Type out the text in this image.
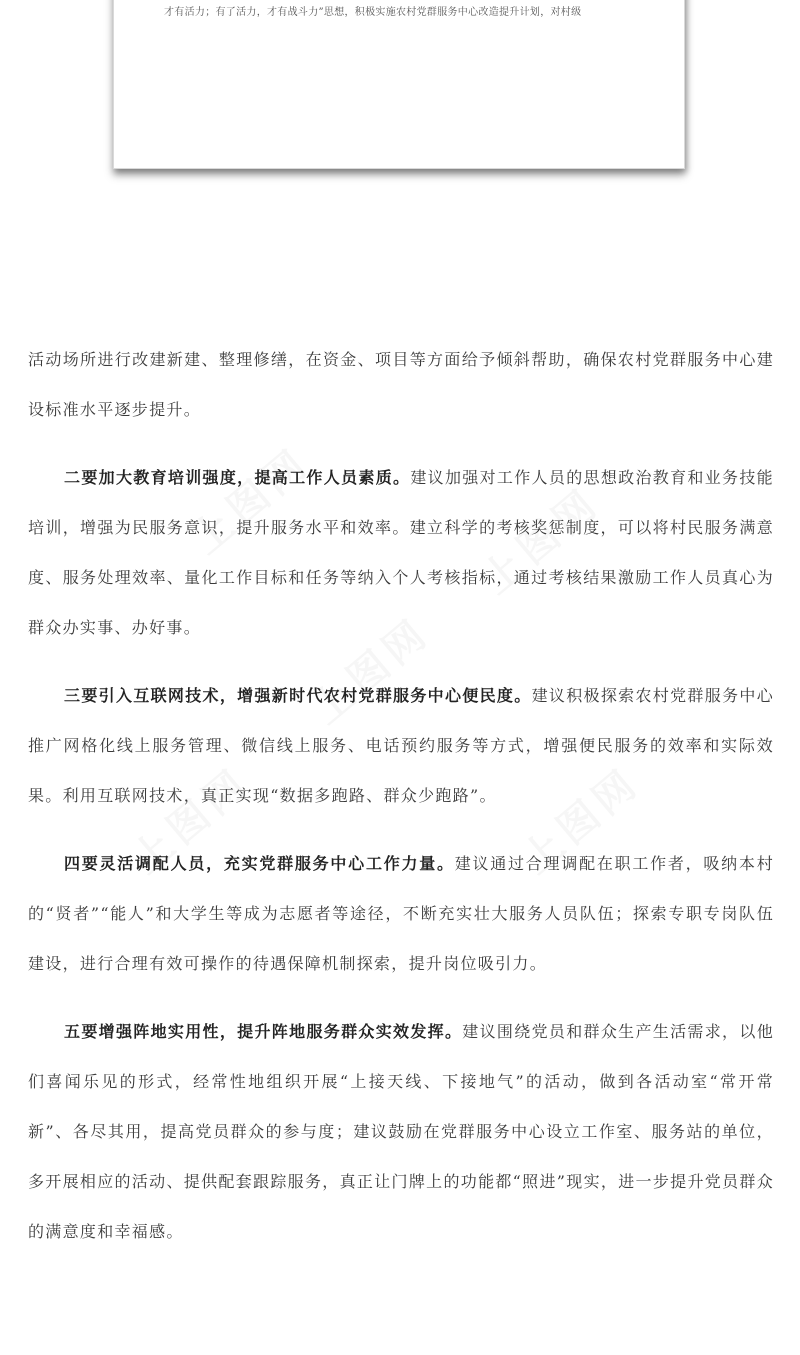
才有活力；有了活力，才有战斗力”思想，积极实施农村党群服务中心改造提升计划，对村级

活动场所进行改建新建、整理修缮，在资金、项目等方面给予倾斜帮助，确保农村党群服务中心建设标准水平逐步提升。

二要加大教育培训强度，提高工作人员素质。建议加强对工作人员的思想政治教育和业务技能培训，增强为民服务意识，提升服务水平和效率。建立科学的考核奖惩制度，可以将村民服务满意度、服务处理效率、量化工作目标和任务等纳入个人考核指标，通过考核结果激励工作人员真心为群众办实事、办好事。

三要引入互联网技术，增强新时代农村党群服务中心便民度。建议积极探索农村党群服务中心推广网格化线上服务管理、微信线上服务、电话预约服务等方式，增强便民服务的效率和实际效果。利用互联网技术，真正实现“数据多跑路、群众少跑路”。

四要灵活调配人员，充实党群服务中心工作力量。建议通过合理调配在职工作者，吸纳本村的“贤者”“能人”和大学生等成为志愿者等途径，不断充实壮大服务人员队伍；探索专职专岗队伍建设，进行合理有效可操作的待遇保障机制探索，提升岗位吸引力。

五要增强阵地实用性，提升阵地服务群众实效发挥。建议围绕党员和群众生产生活需求，以他们喜闻乐见的形式，经常性地组织开展“上接天线、下接地气”的活动，做到各活动室“常开常新”、各尽其用，提高党员群众的参与度；建议鼓励在党群服务中心设立工作室、服务站的单位，多开展相应的活动、提供配套跟踪服务，真正让门牌上的功能都“照进”现实，进一步提升党员群众的满意度和幸福感。
